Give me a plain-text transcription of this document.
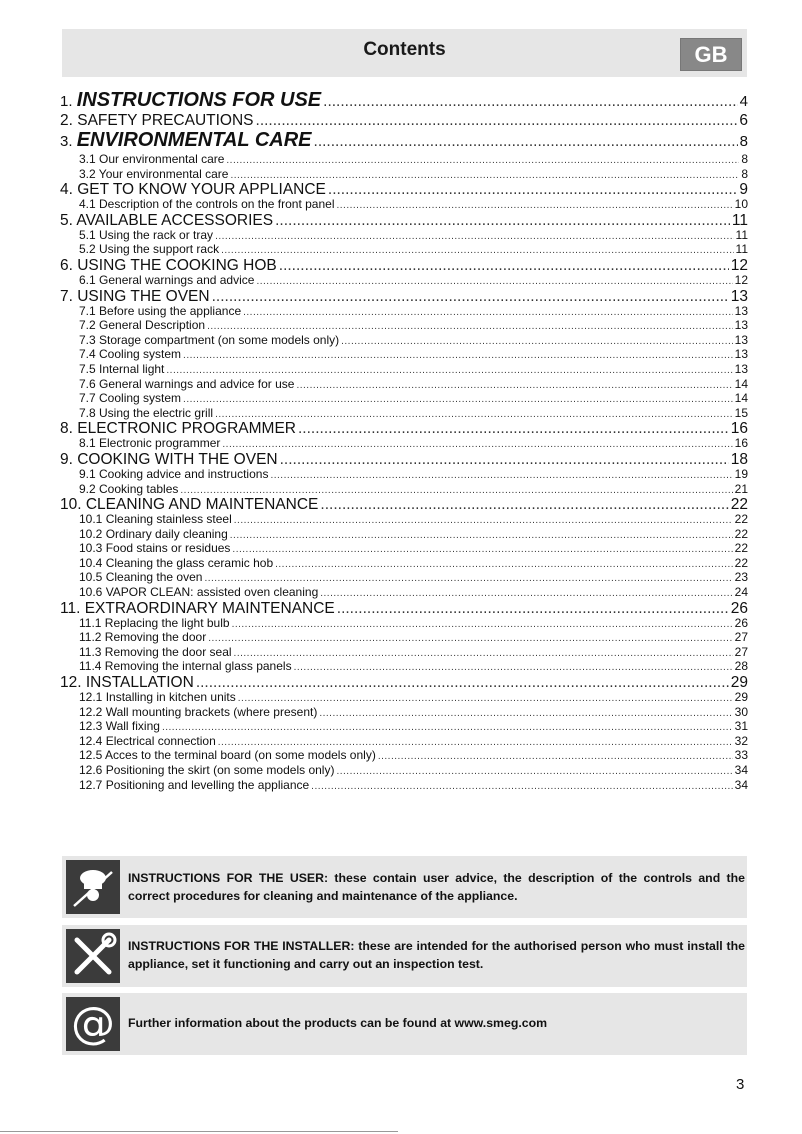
Contents	GB
1. INSTRUCTIONS FOR USE .....	4
2. SAFETY PRECAUTIONS .....	6
3. ENVIRONMENTAL CARE .....	8
3.1 Our environmental care .....	8
3.2 Your environmental care .....	8
4. GET TO KNOW YOUR APPLIANCE .....	9
4.1 Description of the controls on the front panel .....	10
5. AVAILABLE ACCESSORIES .....	11
5.1 Using the rack or tray .....	11
5.2 Using the support rack .....	11
6. USING THE COOKING HOB .....	12
6.1 General warnings and advice .....	12
7. USING THE OVEN .....	13
7.1 Before using the appliance .....	13
7.2 General Description .....	13
7.3 Storage compartment (on some models only) .....	13
7.4 Cooling system .....	13
7.5 Internal light .....	13
7.6 General warnings and advice for use .....	14
7.7 Cooling system .....	14
7.8 Using the electric grill .....	15
8. ELECTRONIC PROGRAMMER .....	16
8.1 Electronic programmer .....	16
9. COOKING WITH THE OVEN .....	18
9.1 Cooking advice and instructions .....	19
9.2 Cooking tables .....	21
10. CLEANING AND MAINTENANCE .....	22
10.1 Cleaning stainless steel .....	22
10.2 Ordinary daily cleaning .....	22
10.3 Food stains or residues .....	22
10.4 Cleaning the glass ceramic hob .....	22
10.5 Cleaning the oven .....	23
10.6 VAPOR CLEAN: assisted oven cleaning .....	24
11. EXTRAORDINARY MAINTENANCE .....	26
11.1 Replacing the light bulb .....	26
11.2 Removing the door .....	27
11.3 Removing the door seal .....	27
11.4 Removing the internal glass panels .....	28
12. INSTALLATION .....	29
12.1 Installing in kitchen units .....	29
12.2 Wall mounting brackets (where present) .....	30
12.3 Wall fixing .....	31
12.4 Electrical connection .....	32
12.5 Acces to the terminal board (on some models only) .....	33
12.6 Positioning the skirt (on some models only) .....	34
12.7 Positioning and levelling the appliance .....	34
INSTRUCTIONS FOR THE USER: these contain user advice, the description of the controls and the correct procedures for cleaning and maintenance of the appliance.
INSTRUCTIONS FOR THE INSTALLER: these are intended for the authorised person who must install the appliance, set it functioning and carry out an inspection test.
@ Further information about the products can be found at www.smeg.com
3
